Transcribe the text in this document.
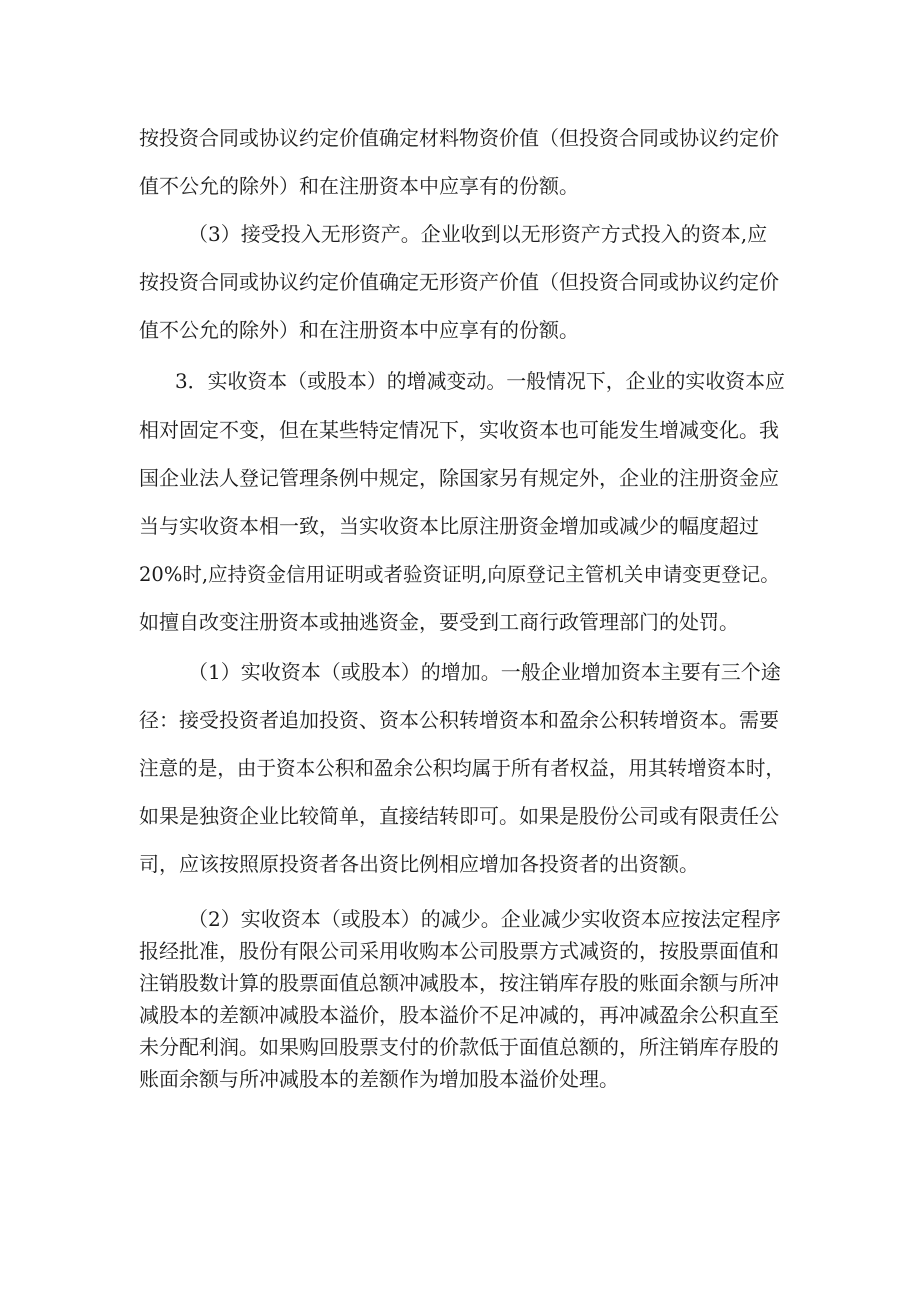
按投资合同或协议约定价值确定材料物资价值（但投资合同或协议约定价
值不公允的除外）和在注册资本中应享有的份额。
（3）接受投入无形资产。企业收到以无形资产方式投入的资本,应
按投资合同或协议约定价值确定无形资产价值（但投资合同或协议约定价
值不公允的除外）和在注册资本中应享有的份额。
3．实收资本（或股本）的增减变动。一般情况下，企业的实收资本应
相对固定不变，但在某些特定情况下，实收资本也可能发生增减变化。我
国企业法人登记管理条例中规定，除国家另有规定外，企业的注册资金应
当与实收资本相一致，当实收资本比原注册资金增加或减少的幅度超过
20%时,应持资金信用证明或者验资证明,向原登记主管机关申请变更登记。
如擅自改变注册资本或抽逃资金，要受到工商行政管理部门的处罚。
（1）实收资本（或股本）的增加。一般企业增加资本主要有三个途
径：接受投资者追加投资、资本公积转增资本和盈余公积转增资本。需要
注意的是，由于资本公积和盈余公积均属于所有者权益，用其转增资本时，
如果是独资企业比较简单，直接结转即可。如果是股份公司或有限责任公
司，应该按照原投资者各出资比例相应增加各投资者的出资额。
（2）实收资本（或股本）的减少。企业减少实收资本应按法定程序
报经批准，股份有限公司采用收购本公司股票方式减资的，按股票面值和
注销股数计算的股票面值总额冲减股本，按注销库存股的账面余额与所冲
减股本的差额冲减股本溢价，股本溢价不足冲减的，再冲减盈余公积直至
未分配利润。如果购回股票支付的价款低于面值总额的，所注销库存股的
账面余额与所冲减股本的差额作为增加股本溢价处理。
